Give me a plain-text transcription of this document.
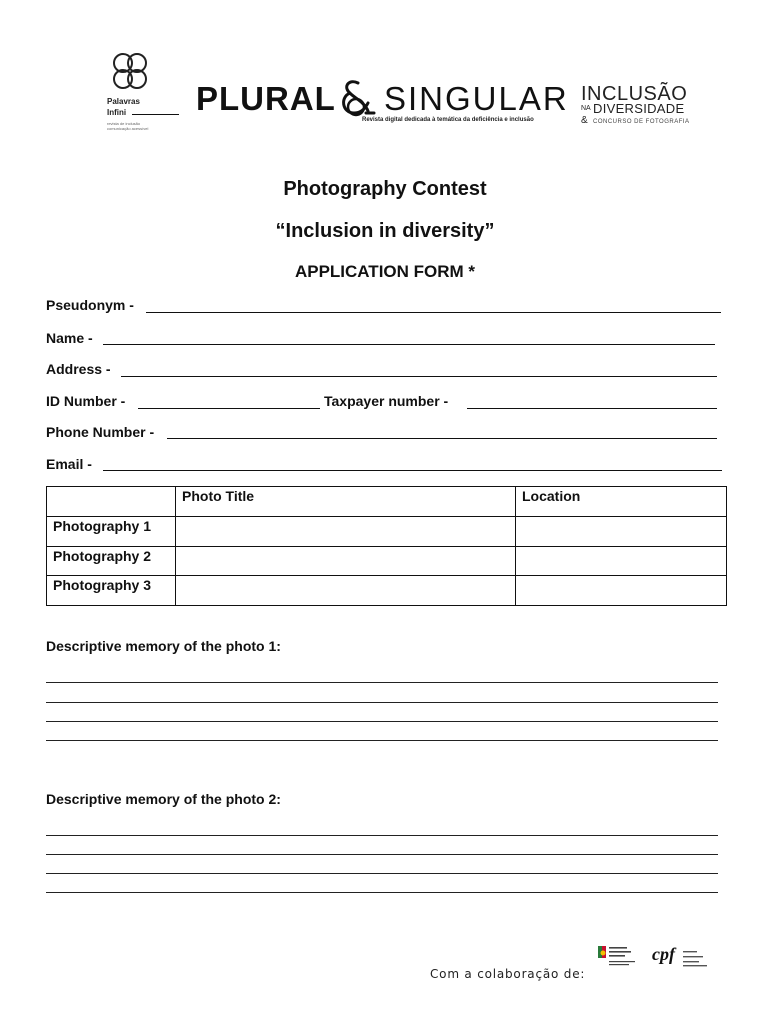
Palavras
Infini
revista de inclusão
comunicação acessível
PLURAL SINGULAR
Revista digital dedicada à temática da deficiência e inclusão
INCLUSÃO
NA DIVERSIDADE
& CONCURSO DE FOTOGRAFIA
Photography Contest
“Inclusion in diversity”
APPLICATION FORM *
Pseudonym -
Name -
Address -
ID Number -	Taxpayer number -
Phone Number -
Email -
	Photo Title	Location
Photography 1		
Photography 2		
Photography 3		
Descriptive memory of the photo 1:
Descriptive memory of the photo 2:
Com a colaboração de:
cpf
